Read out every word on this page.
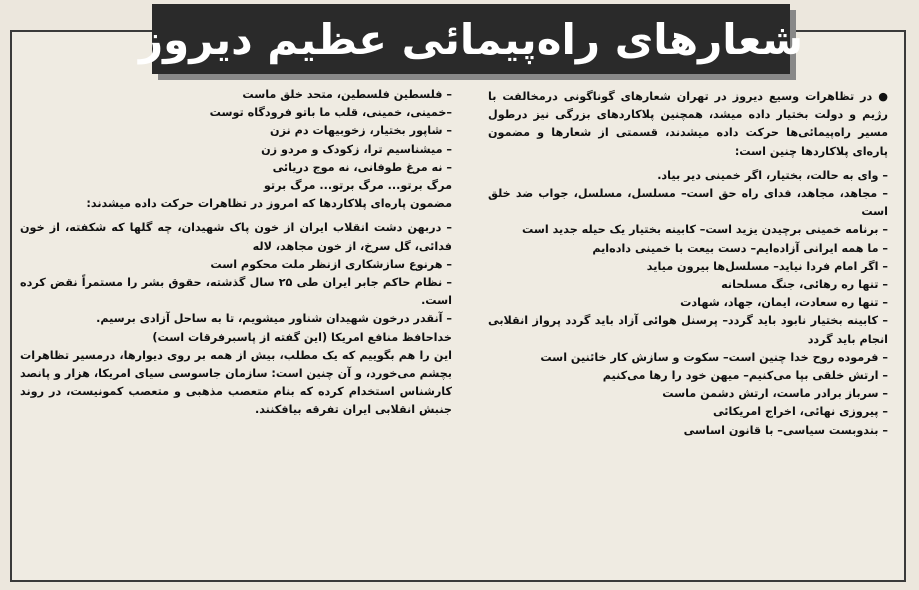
شعارهای راه‌پیمائی عظیم دیروز

● در تظاهرات وسیع دیروز در تهران شعارهای گوناگونی درمخالفت با رژیم و دولت بختیار داده میشد، همچنین پلاکاردهای بزرگی نیز درطول مسیر راه‌پیمائی‌ها حرکت داده میشدند، قسمتی از شعارها و مضمون پاره‌ای پلاکاردها چنین است:

– وای به حالت، بختیار، اگر خمینی دیر بیاد.

– مجاهد، مجاهد، فدای راه حق است– مسلسل، مسلسل، جواب ضد خلق است

– برنامه خمینی برچیدن یزید است– کابینه بختیار یک حیله جدید است

– ما همه ایرانی آزاده‌ایم– دست بیعت با خمینی داده‌ایم

– اگر امام فردا نیاید– مسلسل‌ها بیرون میاید

– تنها ره رهائی، جنگ مسلحانه

– تنها ره سعادت، ایمان، جهاد، شهادت

– کابینه بختیار نابود باید گردد– پرسنل هوائی آزاد باید گردد پرواز انقلابی انجام باید گردد

– فرموده روح خدا چنین است– سکوت و سازش کار خائنین است

– ارتش خلقی بپا می‌کنیم– میهن خود را رها می‌کنیم

– سرباز برادر ماست، ارتش دشمن ماست

– پیروزی نهائی، اخراج امریکائی

– بندوبست سیاسی– با قانون اساسی

– فلسطین فلسطین، متحد خلق ماست

–خمینی، خمینی، قلب ما باتو فرودگاه توست

– شاپور بختیار، زخوبیهات دم نزن

– میشناسیم ترا، زکودک و مردو زن

– نه مرغ طوفانی، نه موج دریائی

مرگ برتو... مرگ برتو... مرگ برتو

مضمون پاره‌ای پلاکاردها که امروز در تظاهرات حرکت داده میشدند:

– دربهن دشت انقلاب ایران از خون پاک شهیدان، چه گلها که شکفته، از خون فدائی، گل سرخ، از خون مجاهد، لاله

– هرنوع سازشکاری ازنظر ملت محکوم است

– نظام حاکم جابر ایران طی ۲۵ سال گذشته، حقوق بشر را مستمراً نقض کرده است.

– آنقدر درخون شهیدان شناور میشویم، تا به ساحل آزادی برسیم.

خداحافظ منافع امریکا (این گفته از پاسبرفرقات است)

این را هم بگوییم که یک مطلب، بیش از همه بر روی دیوارها، درمسیر تظاهرات بچشم می‌خورد، و آن چنین است: سازمان جاسوسی سیای امریکا، هزار و پانصد کارشناس استخدام کرده که بنام متعصب مذهبی و متعصب کمونیست، در روند جنبش انقلابی ایران تفرقه بیافکنند.
